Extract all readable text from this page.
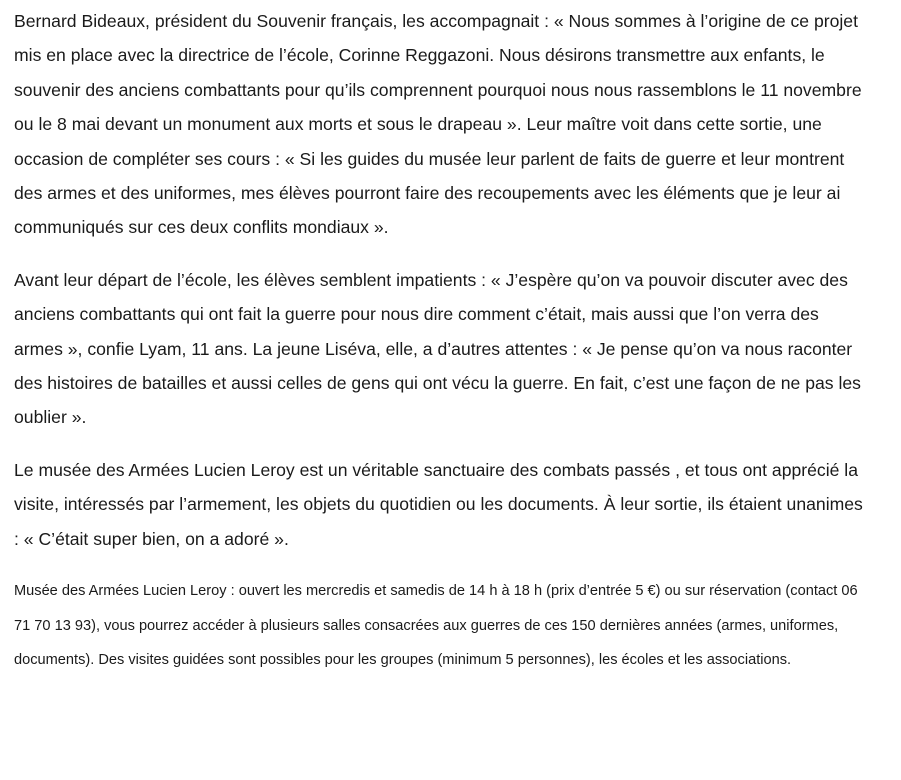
Bernard Bideaux, président du Souvenir français, les accompagnait : « Nous sommes à l’origine de ce projet mis en place avec la directrice de l’école, Corinne Reggazoni. Nous désirons transmettre aux enfants, le souvenir des anciens combattants pour qu’ils comprennent pourquoi nous nous rassemblons le 11 novembre ou le 8 mai devant un monument aux morts et sous le drapeau ». Leur maître voit dans cette sortie, une occasion de compléter ses cours : « Si les guides du musée leur parlent de faits de guerre et leur montrent des armes et des uniformes, mes élèves pourront faire des recoupements avec les éléments que je leur ai communiqués sur ces deux conflits mondiaux ».

Avant leur départ de l’école, les élèves semblent impatients : « J’espère qu’on va pouvoir discuter avec des anciens combattants qui ont fait la guerre pour nous dire comment c’était, mais aussi que l’on verra des armes », confie Lyam, 11 ans. La jeune Liséva, elle, a d’autres attentes : « Je pense qu’on va nous raconter des histoires de batailles et aussi celles de gens qui ont vécu la guerre. En fait, c’est une façon de ne pas les oublier ».

Le musée des Armées Lucien Leroy est un véritable sanctuaire des combats passés , et tous ont apprécié la visite, intéressés par l’armement, les objets du quotidien ou les documents. À leur sortie, ils étaient unanimes : « C’était super bien, on a adoré ».

Musée des Armées Lucien Leroy : ouvert les mercredis et samedis de 14 h à 18 h (prix d’entrée 5 €) ou sur réservation (contact 06 71 70 13 93), vous pourrez accéder à plusieurs salles consacrées aux guerres de ces 150 dernières années (armes, uniformes, documents). Des visites guidées sont possibles pour les groupes (minimum 5 personnes), les écoles et les associations.
